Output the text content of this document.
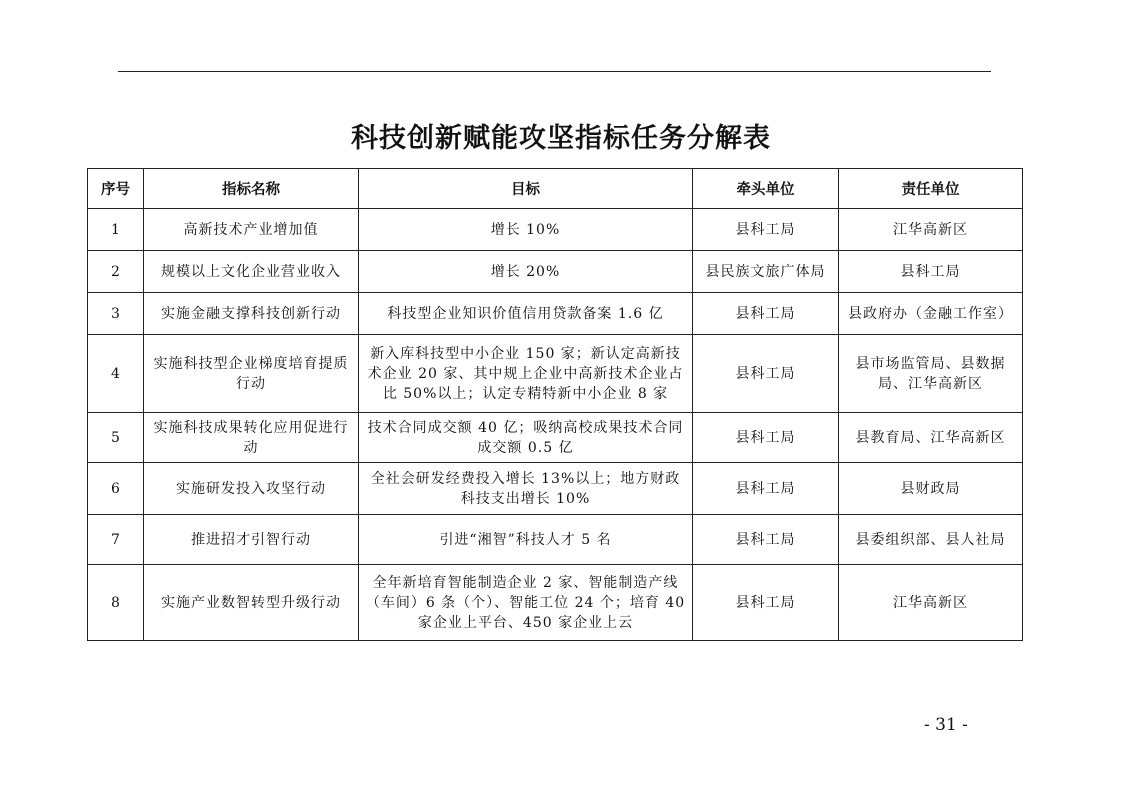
科技创新赋能攻坚指标任务分解表
序号	指标名称	目标	牵头单位	责任单位
1	高新技术产业增加值	增长 10%	县科工局	江华高新区
2	规模以上文化企业营业收入	增长 20%	县民族文旅广体局	县科工局
3	实施金融支撑科技创新行动	科技型企业知识价值信用贷款备案 1.6 亿	县科工局	县政府办（金融工作室）
4	实施科技型企业梯度培育提质行动	新入库科技型中小企业 150 家；新认定高新技术企业 20 家、其中规上企业中高新技术企业占比 50%以上；认定专精特新中小企业 8 家	县科工局	县市场监管局、县数据局、江华高新区
5	实施科技成果转化应用促进行动	技术合同成交额 40 亿；吸纳高校成果技术合同成交额 0.5 亿	县科工局	县教育局、江华高新区
6	实施研发投入攻坚行动	全社会研发经费投入增长 13%以上；地方财政科技支出增长 10%	县科工局	县财政局
7	推进招才引智行动	引进“湘智”科技人才 5 名	县科工局	县委组织部、县人社局
8	实施产业数智转型升级行动	全年新培育智能制造企业 2 家、智能制造产线（车间）6 条（个）、智能工位 24 个；培育 40 家企业上平台、450 家企业上云	县科工局	江华高新区
- 31 -
